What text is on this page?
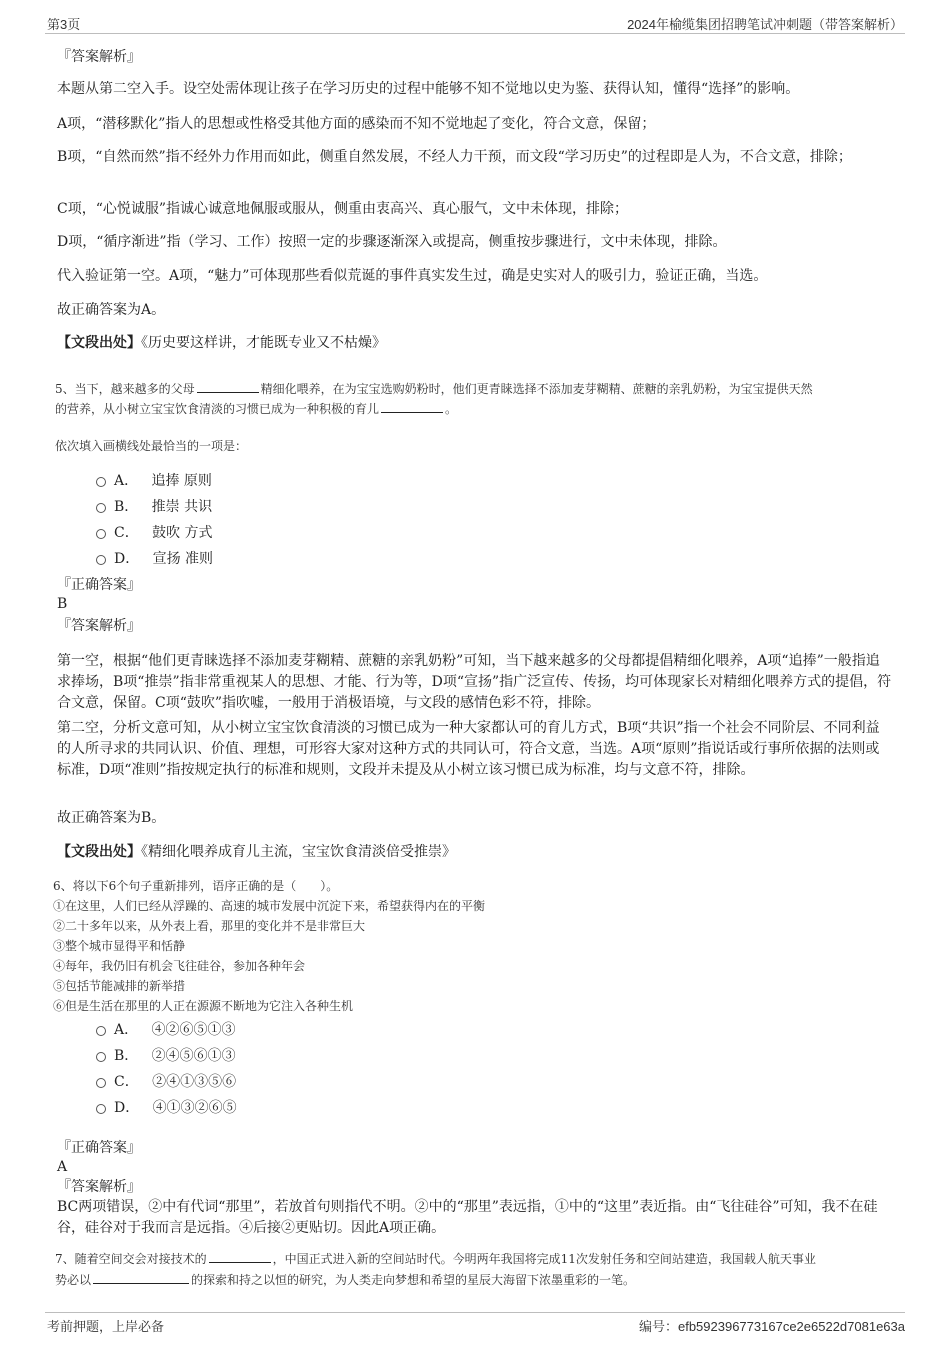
第3页	2024年榆缆集团招聘笔试冲刺题（带答案解析）
『答案解析』
本题从第二空入手。设空处需体现让孩子在学习历史的过程中能够不知不觉地以史为鉴、获得认知，懂得“选择”的影响。
A项，“潜移默化”指人的思想或性格受其他方面的感染而不知不觉地起了变化，符合文意，保留；
B项，“自然而然”指不经外力作用而如此，侧重自然发展，不经人力干预，而文段“学习历史”的过程即是人为，不合文意，排除；
C项，“心悦诚服”指诚心诚意地佩服或服从，侧重由衷高兴、真心服气，文中未体现，排除；
D项，“循序渐进”指（学习、工作）按照一定的步骤逐渐深入或提高，侧重按步骤进行，文中未体现，排除。
代入验证第一空。A项，“魅力”可体现那些看似荒诞的事件真实发生过，确是史实对人的吸引力，验证正确，当选。
故正确答案为A。
【文段出处】《历史要这样讲，才能既专业又不枯燥》
5、当下，越来越多的父母	精细化喂养，在为宝宝选购奶粉时，他们更青睐选择不添加麦芽糊精、蔗糖的亲乳奶粉，为宝宝提供天然
的营养，从小树立宝宝饮食清淡的习惯已成为一种积极的育儿	。
依次填入画横线处最恰当的一项是：
A． 追捧 原则
B． 推崇 共识
C． 鼓吹 方式
D． 宣扬 准则
『正确答案』
B
『答案解析』
第一空，根据“他们更青睐选择不添加麦芽糊精、蔗糖的亲乳奶粉”可知，当下越来越多的父母都提倡精细化喂养，A项“追捧”一般指追求捧场，B项“推崇”指非常重视某人的思想、才能、行为等，D项“宣扬”指广泛宣传、传扬，均可体现家长对精细化喂养方式的提倡，符合文意，保留。C项“鼓吹”指吹嘘，一般用于消极语境，与文段的感情色彩不符，排除。
第二空，分析文意可知，从小树立宝宝饮食清淡的习惯已成为一种大家都认可的育儿方式，B项“共识”指一个社会不同阶层、不同利益的人所寻求的共同认识、价值、理想，可形容大家对这种方式的共同认可，符合文意，当选。A项“原则”指说话或行事所依据的法则或标准，D项“准则”指按规定执行的标准和规则，文段并未提及从小树立该习惯已成为标准，均与文意不符，排除。
故正确答案为B。
【文段出处】《精细化喂养成育儿主流，宝宝饮食清淡倍受推崇》
6、将以下6个句子重新排列，语序正确的是（　　）。
①在这里，人们已经从浮躁的、高速的城市发展中沉淀下来，希望获得内在的平衡
②二十多年以来，从外表上看，那里的变化并不是非常巨大
③整个城市显得平和恬静
④每年，我仍旧有机会飞往硅谷，参加各种年会
⑤包括节能减排的新举措
⑥但是生活在那里的人正在源源不断地为它注入各种生机
A． ④②⑥⑤①③
B． ②④⑤⑥①③
C． ②④①③⑤⑥
D． ④①③②⑥⑤
『正确答案』
A
『答案解析』
BC两项错误，②中有代词“那里”，若放首句则指代不明。②中的“那里”表远指，①中的“这里”表近指。由“飞往硅谷”可知，我不在硅谷，硅谷对于我而言是远指。④后接②更贴切。因此A项正确。
7、随着空间交会对接技术的	，中国正式进入新的空间站时代。今明两年我国将完成11次发射任务和空间站建造，我国载人航天事业
势必以	的探索和持之以恒的研究，为人类走向梦想和希望的星辰大海留下浓墨重彩的一笔。
考前押题，上岸必备	编号：efb592396773167ce2e6522d7081e63a
